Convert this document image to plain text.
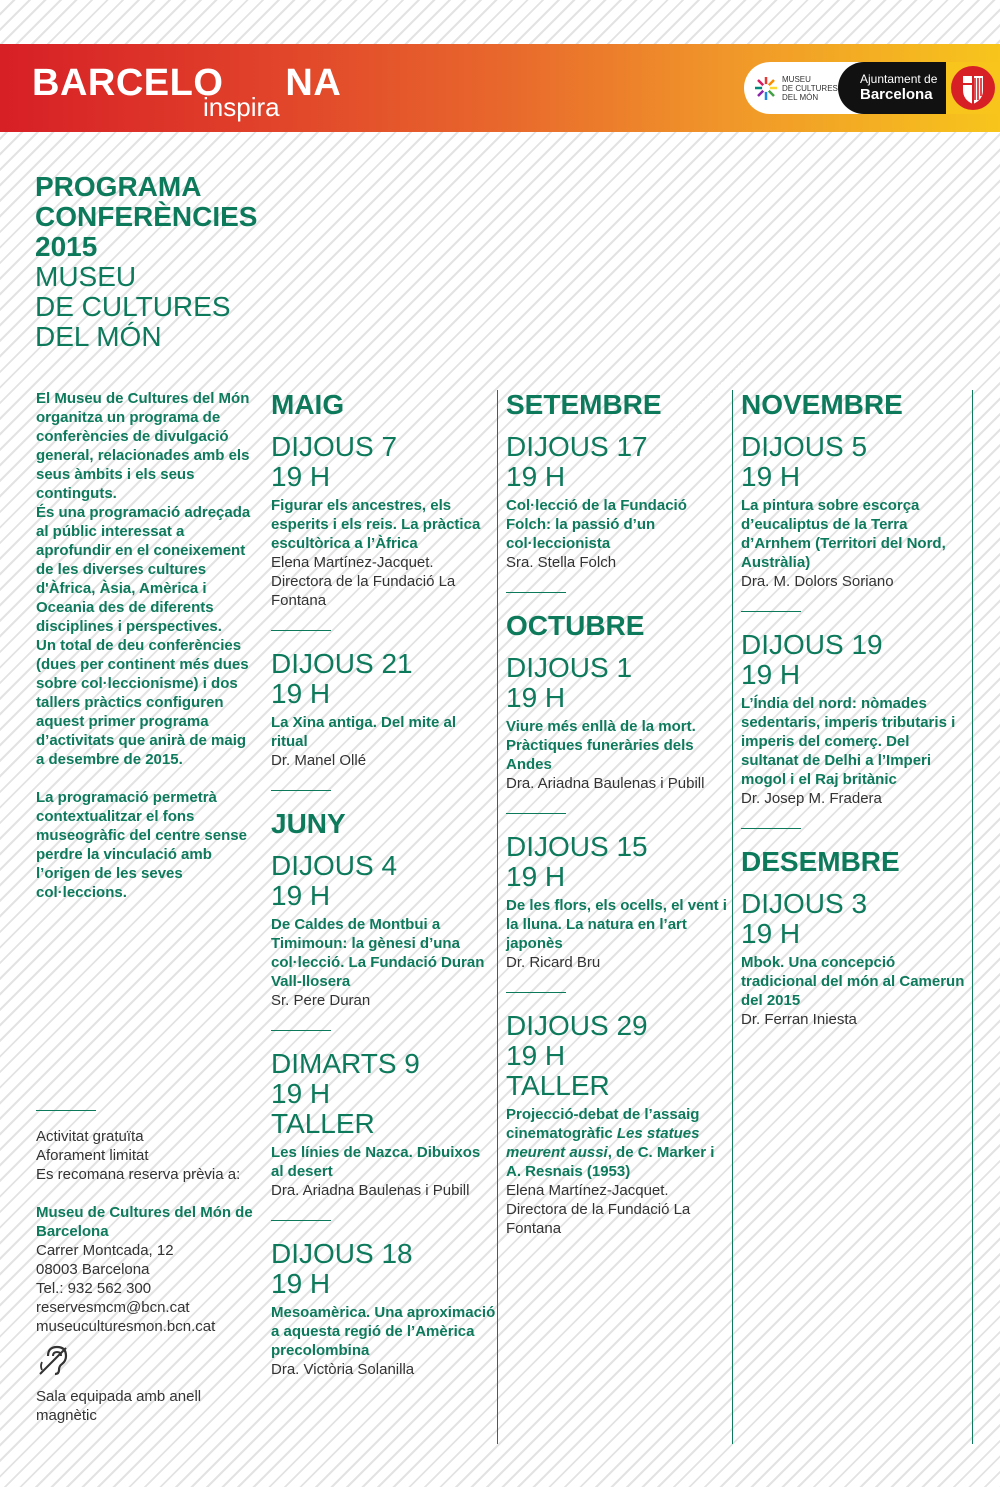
BARCELO NA
inspira
MUSEU
DE CULTURES
DEL MÓN
Ajuntament de
Barcelona
PROGRAMA
CONFERÈNCIES
2015
MUSEU
DE CULTURES
DEL MÓN

El Museu de Cultures del Món organitza un programa de conferències de divulgació general, relacionades amb els seus àmbits i els seus continguts.

És una programació adreçada al públic interessat a aprofundir en el coneixement de les diverses cultures d'Àfrica, Àsia, Amèrica i Oceania des de diferents disciplines i perspectives.

Un total de deu conferències (dues per continent més dues sobre col·leccionisme) i dos tallers pràctics configuren aquest primer programa d’activitats que anirà de maig a desembre de 2015.

La programació permetrà contextualitzar el fons museogràfic del centre sense perdre la vinculació amb l’origen de les seves col·leccions.

MAIG
DIJOUS 7
19 H
Figurar els ancestres, els esperits i els reis. La pràctica escultòrica a l’Àfrica
Elena Martínez-Jacquet. Directora de la Fundació La Fontana
DIJOUS 21
19 H
La Xina antiga. Del mite al ritual
Dr. Manel Ollé
JUNY
DIJOUS 4
19 H
De Caldes de Montbui a Timimoun: la gènesi d’una col·lecció. La Fundació Duran Vall-llosera
Sr. Pere Duran
DIMARTS 9
19 H
TALLER
Les línies de Nazca. Dibuixos al desert
Dra. Ariadna Baulenas i Pubill
DIJOUS 18
19 H
Mesoamèrica. Una aproximació a aquesta regió de l’Amèrica precolombina
Dra. Victòria Solanilla
SETEMBRE
DIJOUS 17
19 H
Col·lecció de la Fundació Folch: la passió d’un col·leccionista
Sra. Stella Folch
OCTUBRE
DIJOUS 1
19 H
Viure més enllà de la mort. Pràctiques funeràries dels Andes
Dra. Ariadna Baulenas i Pubill
DIJOUS 15
19 H
De les flors, els ocells, el vent i la lluna. La natura en l’art japonès
Dr. Ricard Bru
DIJOUS 29
19 H
TALLER
Projecció-debat de l’assaig cinematogràfic Les statues meurent aussi, de C. Marker i A. Resnais (1953)
Elena Martínez-Jacquet. Directora de la Fundació La Fontana
NOVEMBRE
DIJOUS 5
19 H
La pintura sobre escorça d’eucaliptus de la Terra d’Arnhem (Territori del Nord, Austràlia)
Dra. M. Dolors Soriano
DIJOUS 19
19 H
L’Índia del nord: nòmades sedentaris, imperis tributaris i imperis del comerç. Del sultanat de Delhi a l’Imperi mogol i el Raj britànic
Dr. Josep M. Fradera
DESEMBRE
DIJOUS 3
19 H
Mbok. Una concepció tradicional del món al Camerun del 2015
Dr. Ferran Iniesta
Activitat gratuïta
Aforament limitat
Es recomana reserva prèvia a:
Museu de Cultures del Món de Barcelona
Carrer Montcada, 12
08003 Barcelona
Tel.: 932 562 300
reservesmcm@bcn.cat
museuculturesmon.bcn.cat
Sala equipada amb anell magnètic
